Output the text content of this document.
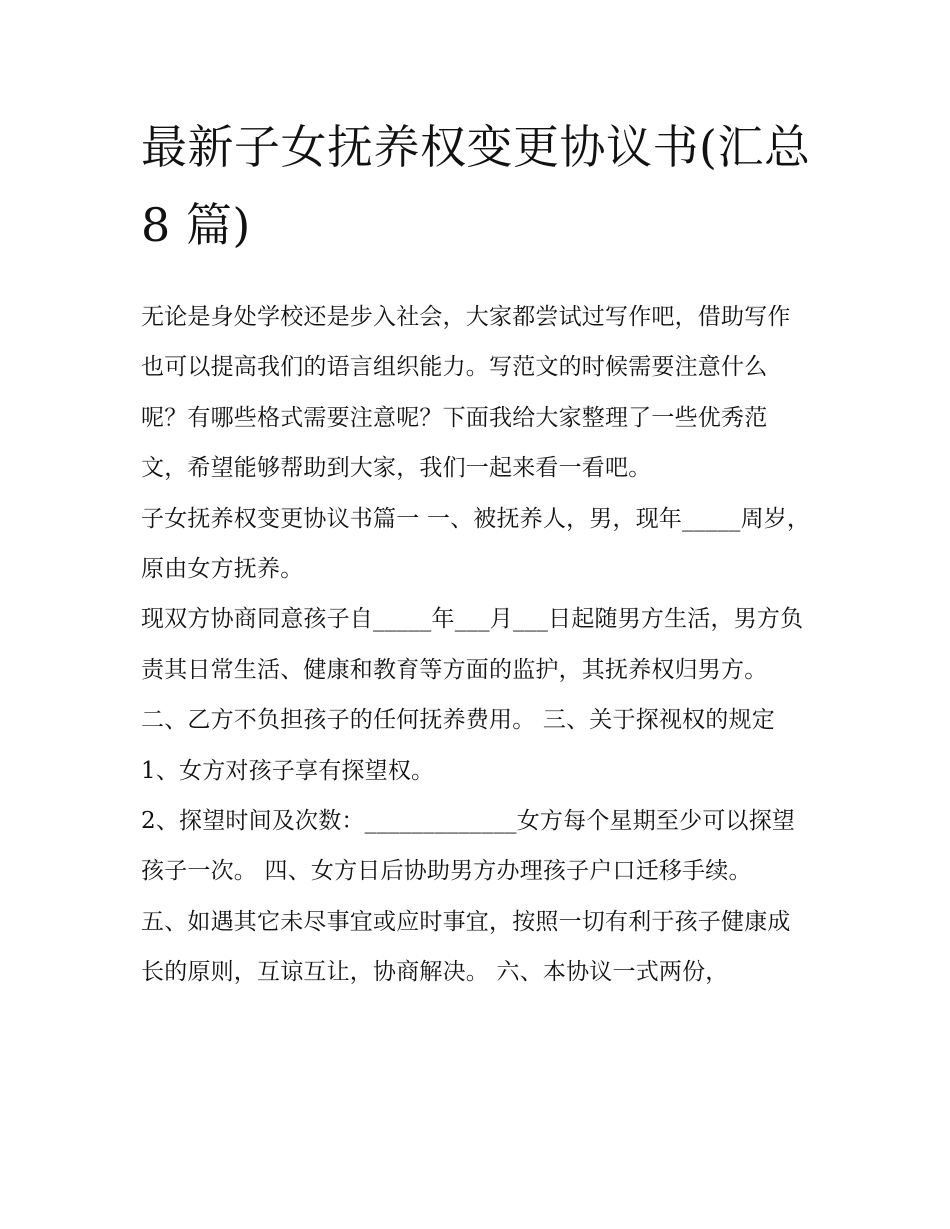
最新子女抚养权变更协议书(汇总 8 篇)

无论是身处学校还是步入社会，大家都尝试过写作吧，借助写作也可以提高我们的语言组织能力。写范文的时候需要注意什么呢？有哪些格式需要注意呢？下面我给大家整理了一些优秀范文，希望能够帮助到大家，我们一起来看一看吧。

子女抚养权变更协议书篇一 一、被抚养人，男，现年_____周岁，原由女方抚养。

现双方协商同意孩子自_____年___月___日起随男方生活，男方负责其日常生活、健康和教育等方面的监护，其抚养权归男方。

二、乙方不负担孩子的任何抚养费用。 三、关于探视权的规定 1、女方对孩子享有探望权。

2、探望时间及次数：_____________女方每个星期至少可以探望孩子一次。 四、女方日后协助男方办理孩子户口迁移手续。

五、如遇其它未尽事宜或应时事宜，按照一切有利于孩子健康成长的原则，互谅互让，协商解决。 六、本协议一式两份，
